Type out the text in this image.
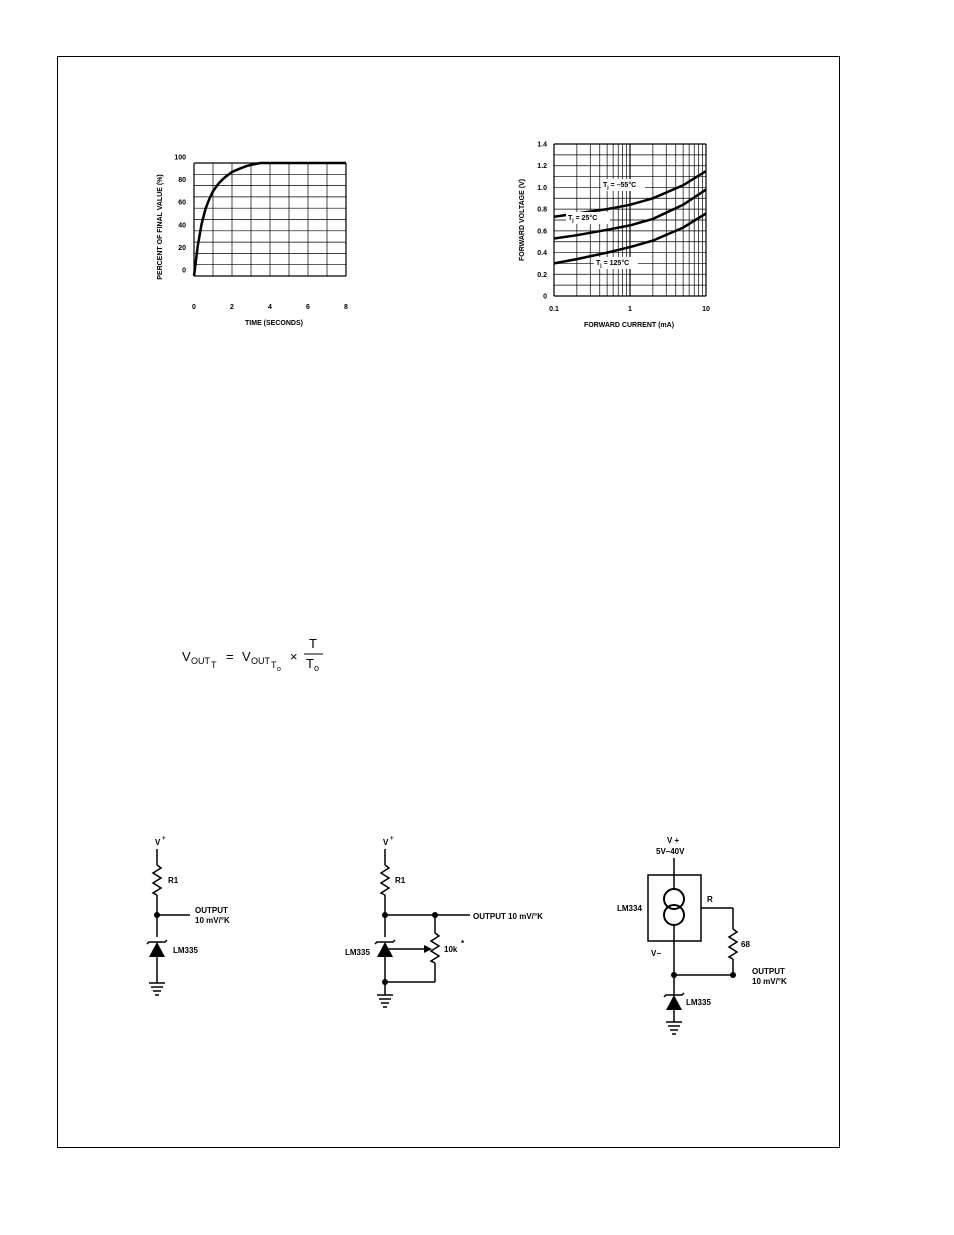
0	2	4	6	8
0
20
40
60
80
100
TIME (SECONDS)
PERCENT OF FINAL VALUE (%)
0.1	1	10
0
0.2
0.4
0.6
0.8
1.0
1.2
1.4
$T_j = -55^\circ C$
$T_j = 25^\circ C$
$T_j = 125^\circ C$
FORWARD CURRENT (mA)
FORWARD VOLTAGE (V)
V OUT T
= V OUT T o
×
T
T o
V +
R1
OUTPUT
10 mV/°K
LM335
V +
R1
OUTPUT 10 mV/°K
10k
*
LM335
V +
5V–40V
LM334
R
68
V−
OUTPUT
10 mV/°K
LM335
